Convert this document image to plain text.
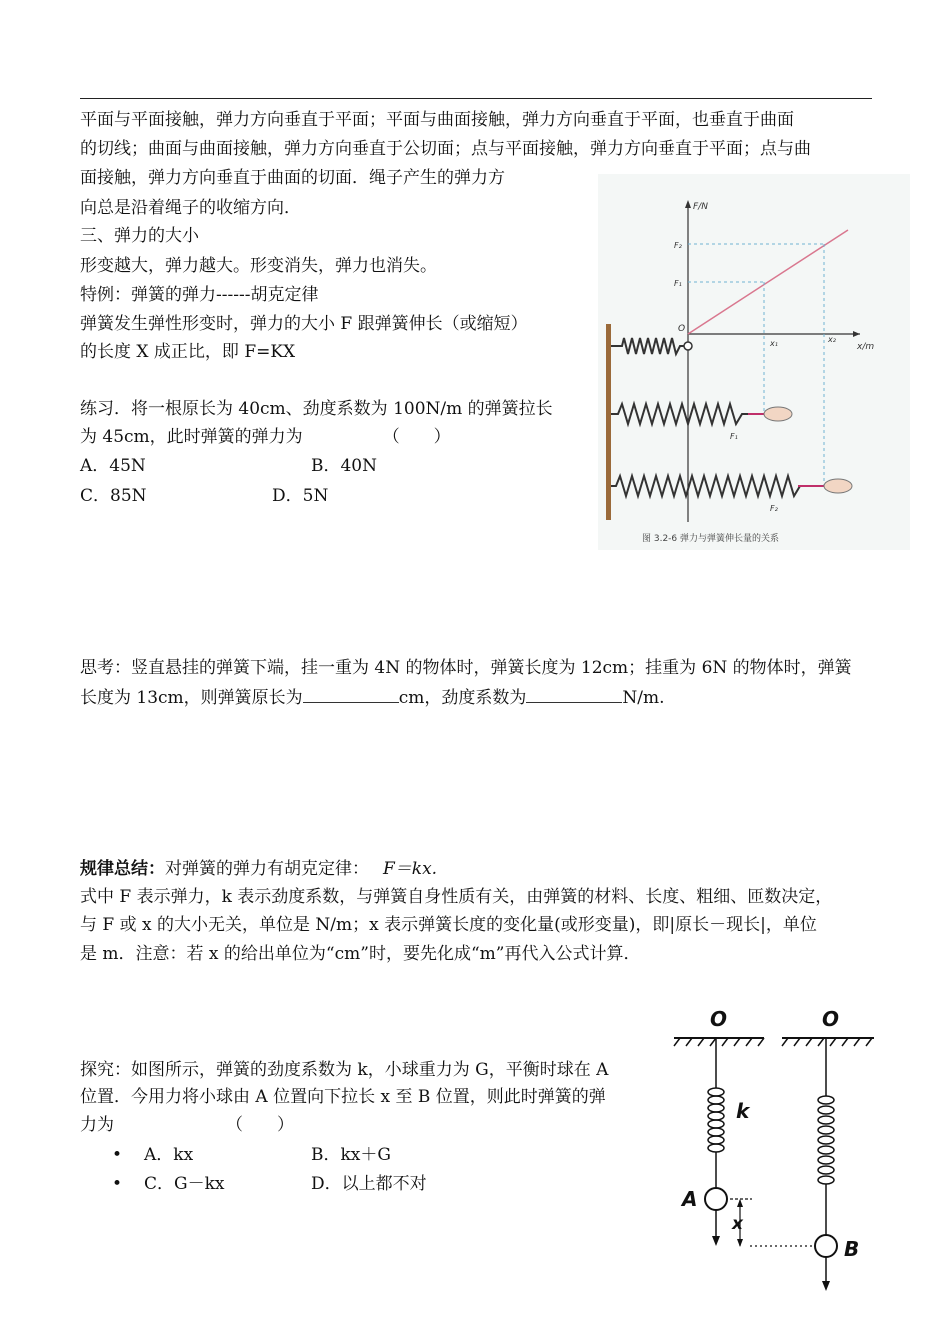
平面与平面接触，弹力方向垂直于平面；平面与曲面接触，弹力方向垂直于平面，也垂直于曲面
的切线；曲面与曲面接触，弹力方向垂直于公切面；点与平面接触，弹力方向垂直于平面；点与曲
面接触，弹力方向垂直于曲面的切面．绳子产生的弹力方
向总是沿着绳子的收缩方向．
三、弹力的大小
形变越大，弹力越大。形变消失，弹力也消失。
特例：弹簧的弹力------胡克定律
弹簧发生弹性形变时，弹力的大小 F 跟弹簧伸长（或缩短）
的长度 X 成正比，即 F=KX
练习．将一根原长为 40cm、劲度系数为 100N/m 的弹簧拉长
为 45cm，此时弹簧的弹力为	（　　）
A．45N	B．40N
C．85N	D．5N
F/N
x/m
O
F₂
F₁
x₁	x₂
F₁
F₂
图 3.2-6 弹力与弹簧伸长量的关系
思考：竖直悬挂的弹簧下端，挂一重为 4N 的物体时，弹簧长度为 12cm；挂重为 6N 的物体时，弹簧
长度为 13cm，则弹簧原长为	cm，劲度系数为	N/m.
规律总结：对弹簧的弹力有胡克定律： F＝kx.
式中 F 表示弹力，k 表示劲度系数，与弹簧自身性质有关，由弹簧的材料、长度、粗细、匝数决定，
与 F 或 x 的大小无关，单位是 N/m；x 表示弹簧长度的变化量(或形变量)，即|原长－现长|，单位
是 m．注意：若 x 的给出单位为“cm”时，要先化成“m”再代入公式计算．
探究：如图所示，弹簧的劲度系数为 k，小球重力为 G，平衡时球在 A
位置．今用力将小球由 A 位置向下拉长 x 至 B 位置，则此时弹簧的弹
力为	（　　）
• A．kx	B．kx＋G
• C．G－kx	D．以上都不对
O	O
k
A
x
B
